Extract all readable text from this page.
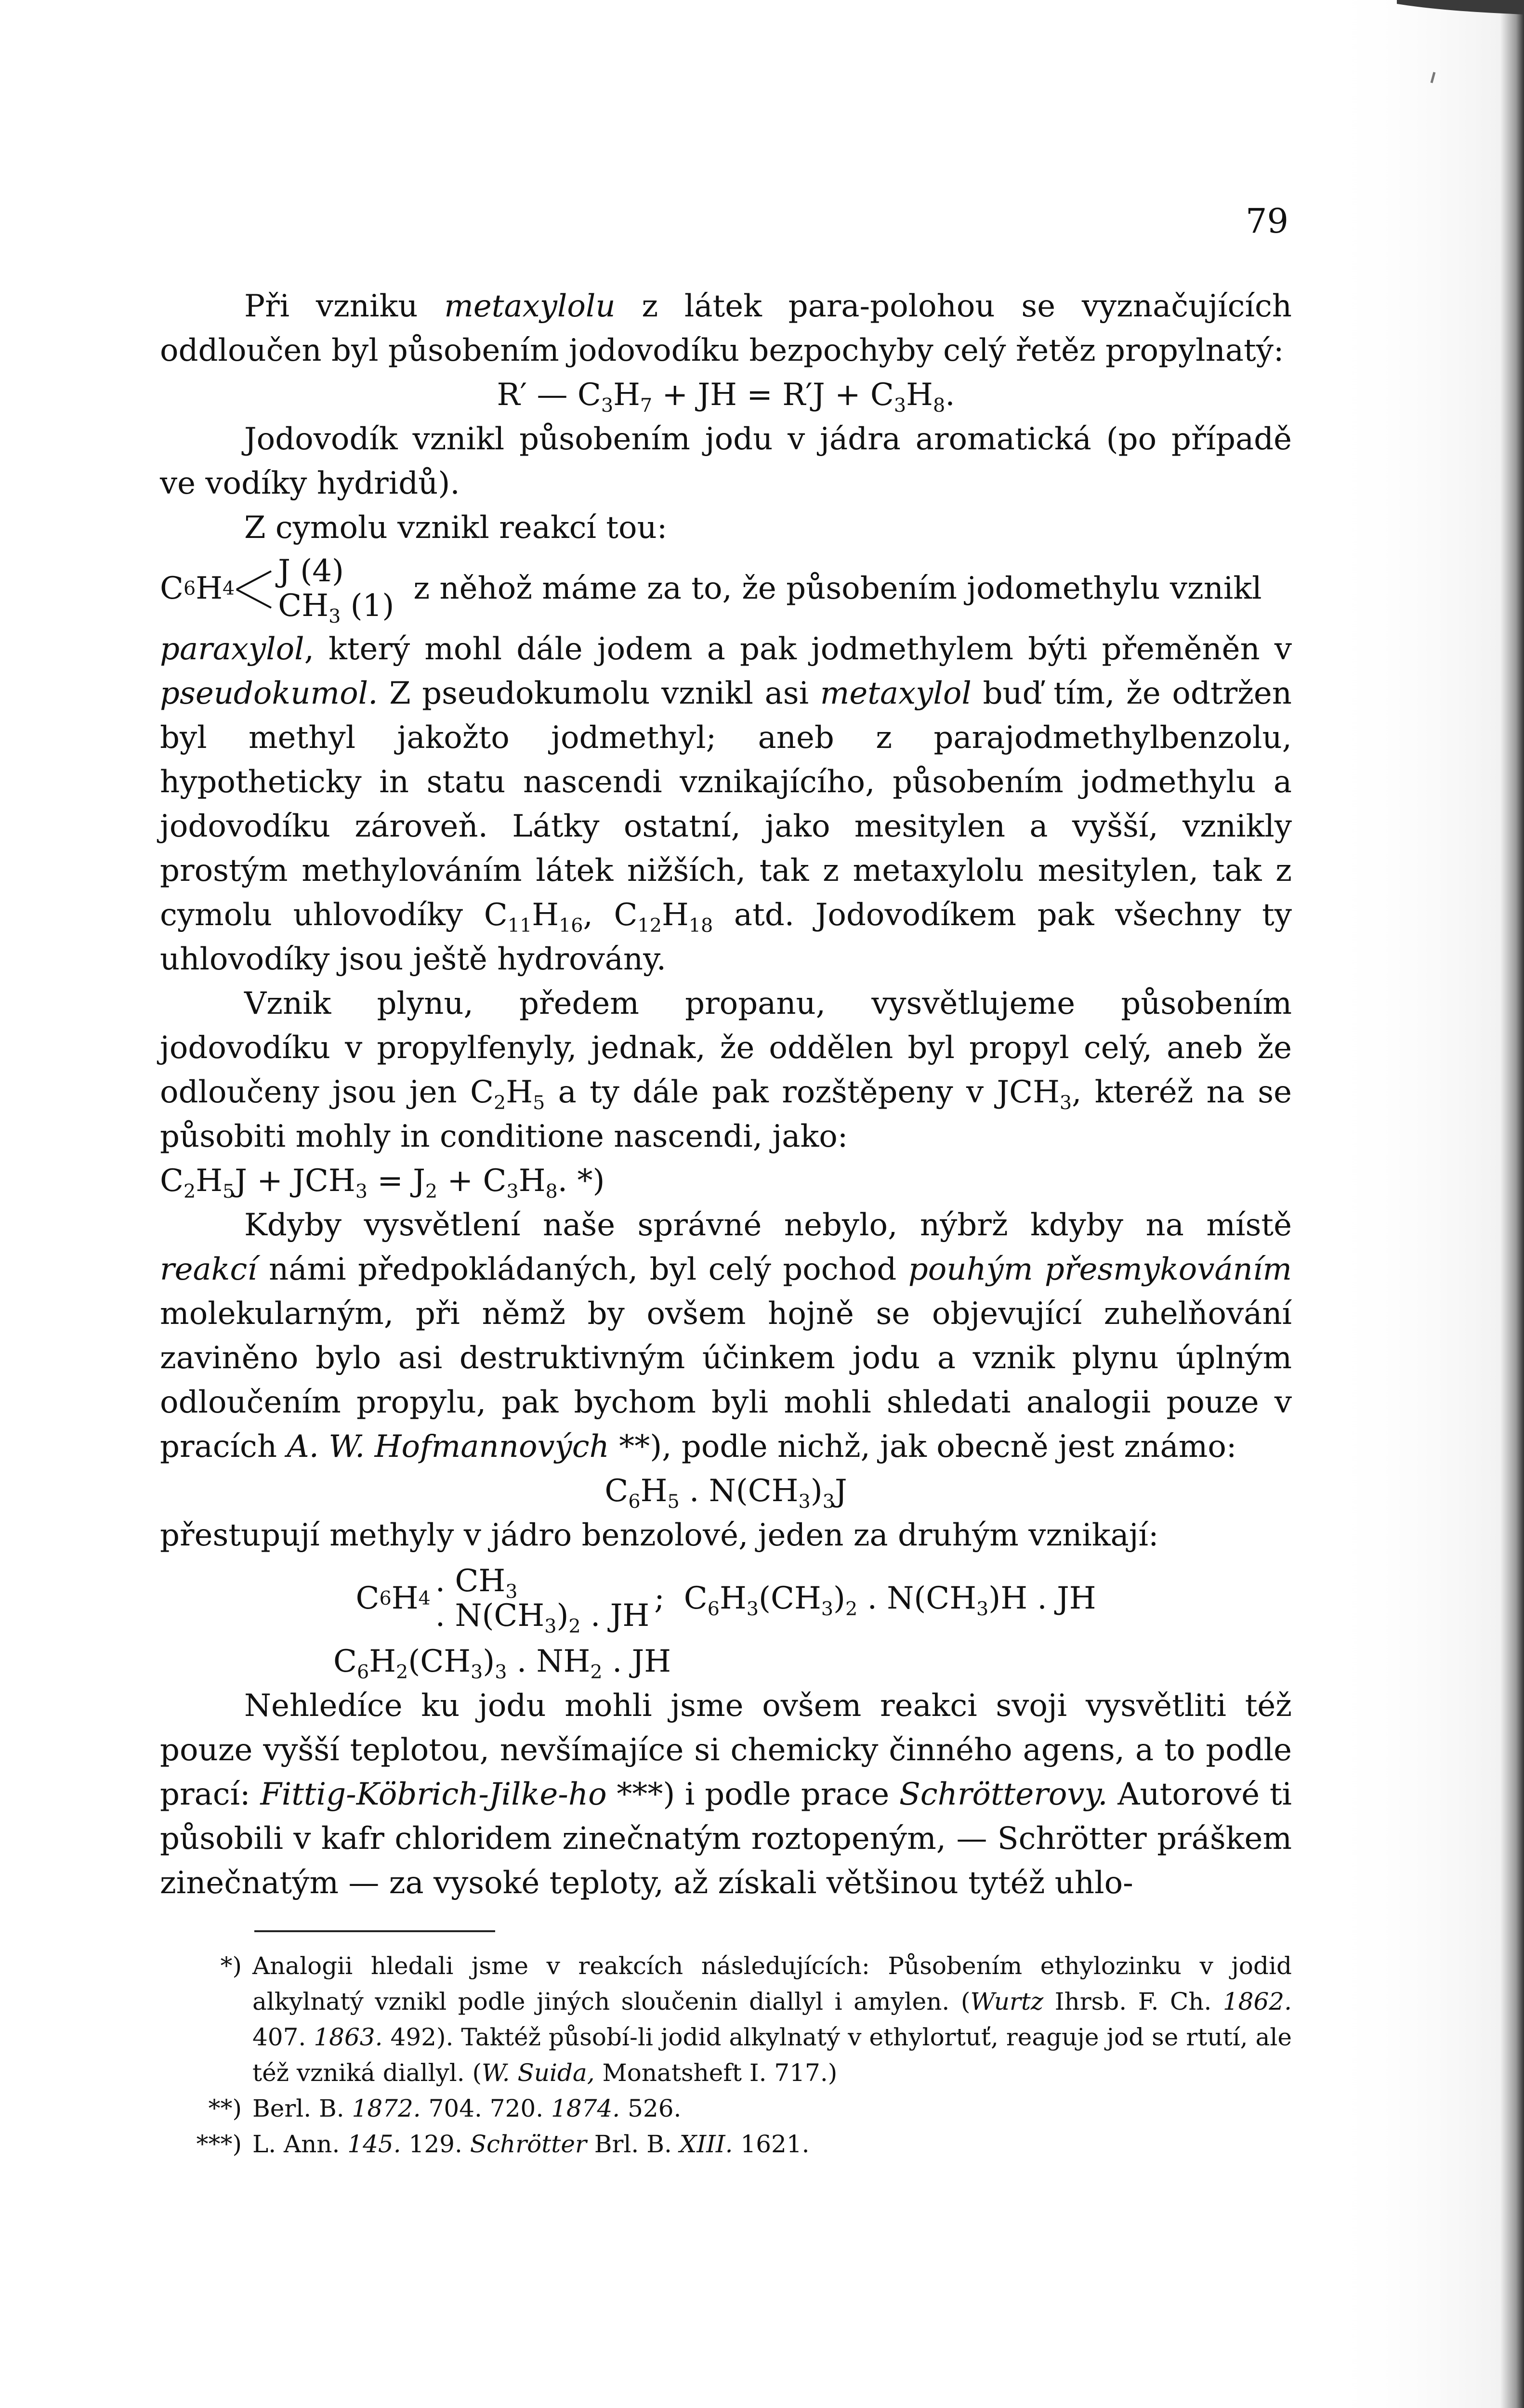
79

Při vzniku metaxylolu z látek para-polohou se vyznačujících oddloučen byl působením jodovodíku bezpochyby celý řetěz propylnatý:

R′ — $C_3H_7$ + JH = $R'J + C_3H_8$.

Jodovodík vznikl působením jodu v jádra aromatická (po případě ve vodíky hydridů).

Z cymolu vznikl reakcí tou:

C 6 H 4 J (4)
$CH_3$ (1) z něhož máme za to, že působením jodomethylu vznikl

paraxylol, který mohl dále jodem a pak jodmethylem býti přeměněn v pseudokumol. Z pseudokumolu vznikl asi metaxylol buď tím, že odtržen byl methyl jakožto jodmethyl; aneb z parajodmethylbenzolu, hypotheticky in statu nascendi vznikajícího, působením jodmethylu a jodovodíku zároveň. Látky ostatní, jako mesitylen a vyšší, vznikly prostým methylováním látek nižších, tak z metaxylolu mesitylen, tak z cymolu uhlovodíky $C_{11}H_{16}$, $C_{12}H_{18}$ atd. Jodovodíkem pak všechny ty uhlovodíky jsou ještě hydrovány.

Vznik plynu, předem propanu, vysvětlujeme působením jodovodíku v propylfenyly, jednak, že oddělen byl propyl celý, aneb že odloučeny jsou jen $C_2H_5$ a ty dále pak rozštěpeny v $JCH_3$, kteréž na se působiti mohly in conditione nascendi, jako:

$C_2H_5J + JCH_3 = J_2 + C_3H_8$. *)

Kdyby vysvětlení naše správné nebylo, nýbrž kdyby na místě reakcí námi předpokládaných, byl celý pochod pouhým přesmykováním molekularným, při němž by ovšem hojně se objevující zuhelňování zaviněno bylo asi destruktivným účinkem jodu a vznik plynu úplným odloučením propylu, pak bychom byli mohli shledati analogii pouze v pracích A. W. Hofmannových **), podle nichž, jak obecně jest známo:

$C_6H_5$ . $N(CH_3)_3J$

přestupují methyly v jádro benzolové, jeden za druhým vznikají:

C 6 H 4 . $CH_3$
. $N(CH_3)_2$ . JH ; $C_6H_3(CH_3)_2$ . $N(CH_3)H$ . JH

$C_6H_2(CH_3)_3$ . $NH_2$ . JH

Nehledíce ku jodu mohli jsme ovšem reakci svoji vysvětliti též pouze vyšší teplotou, nevšímajíce si chemicky činného agens, a to podle prací: Fittig-Köbrich-Jilke-ho ***) i podle prace Schrötterovy. Autorové ti působili v kafr chloridem zinečnatým roztopeným, — Schrötter práškem zinečnatým — za vysoké teploty, až získali většinou tytéž uhlo-

*) Analogii hledali jsme v reakcích následujících: Působením ethylozinku v jodid alkylnatý vznikl podle jiných sloučenin diallyl i amylen. (Wurtz Ihrsb. F. Ch. 1862. 407. 1863. 492). Taktéž působí-li jodid alkylnatý v ethylortuť, reaguje jod se rtutí, ale též vzniká diallyl. (W. Suida, Monatsheft I. 717.)
**) Berl. B. 1872. 704. 720. 1874. 526.
***) L. Ann. 145. 129. Schrötter Brl. B. XIII. 1621.
